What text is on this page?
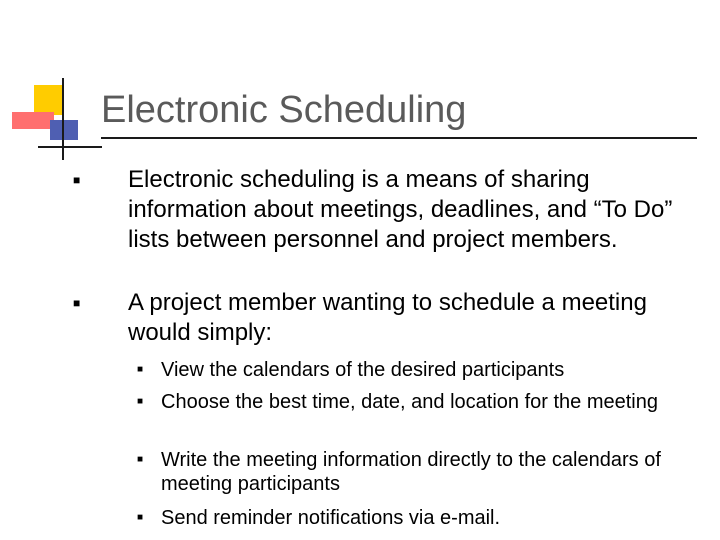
Electronic Scheduling
■ Electronic scheduling is a means of sharing information about meetings, deadlines, and “To Do” lists between personnel and project members.
■ A project member wanting to schedule a meeting would simply:
■ View the calendars of the desired participants
■ Choose the best time, date, and location for the meeting
■ Write the meeting information directly to the calendars of meeting participants
■ Send reminder notifications via e-mail.
